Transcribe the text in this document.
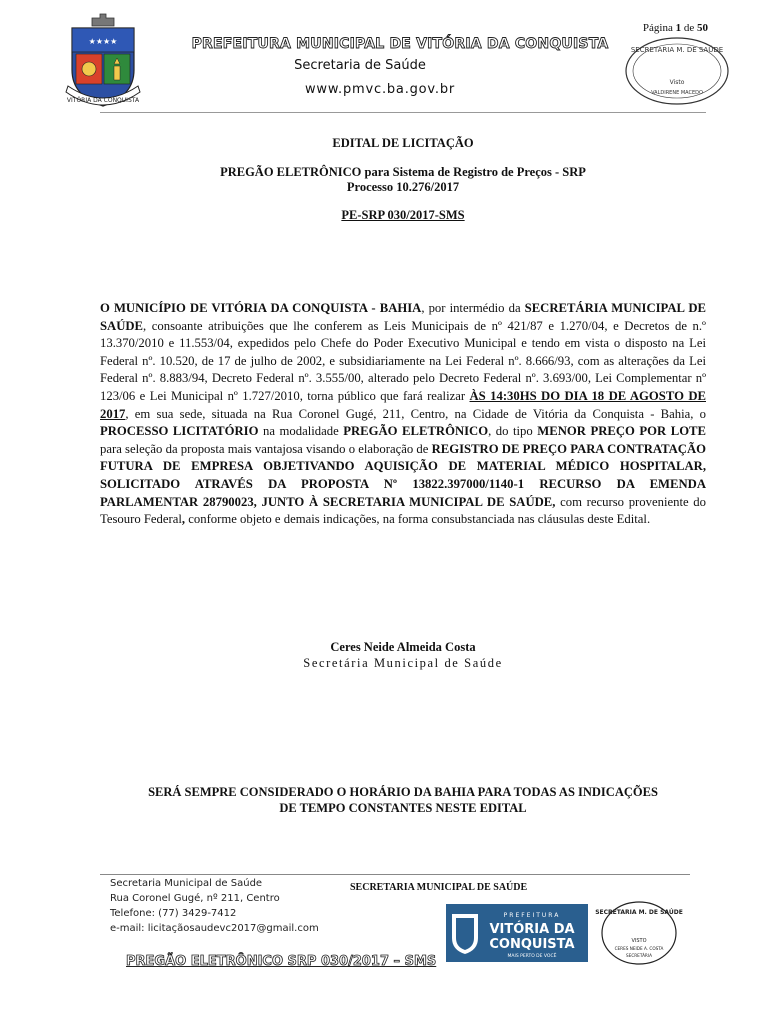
Página 1 de 50
★★★★
VITÓRIA DA CONQUISTA
PREFEITURA MUNICIPAL DE VITÓRIA DA CONQUISTA
Secretaria de Saúde
www.pmvc.ba.gov.br
SECRETARIA M. DE SAÚDE
Visto
VALDIRENE MACEDO
EDITAL DE LICITAÇÃO
PREGÃO ELETRÔNICO para Sistema de Registro de Preços - SRP
Processo 10.276/2017
PE-SRP 030/2017-SMS
O MUNICÍPIO DE VITÓRIA DA CONQUISTA - BAHIA, por intermédio da SECRETÁRIA MUNICIPAL DE SAÚDE, consoante atribuições que lhe conferem as Leis Municipais de nº 421/87 e 1.270/04, e Decretos de n.º 13.370/2010 e 11.553/04, expedidos pelo Chefe do Poder Executivo Municipal e tendo em vista o disposto na Lei Federal nº. 10.520, de 17 de julho de 2002, e subsidiariamente na Lei Federal nº. 8.666/93, com as alterações da Lei Federal nº. 8.883/94, Decreto Federal nº. 3.555/00, alterado pelo Decreto Federal nº. 3.693/00, Lei Complementar nº 123/06 e Lei Municipal nº 1.727/2010, torna público que fará realizar ÀS 14:30HS DO DIA 18 DE AGOSTO DE 2017, em sua sede, situada na Rua Coronel Gugé, 211, Centro, na Cidade de Vitória da Conquista - Bahia, o PROCESSO LICITATÓRIO na modalidade PREGÃO ELETRÔNICO, do tipo MENOR PREÇO POR LOTE para seleção da proposta mais vantajosa visando o elaboração de REGISTRO DE PREÇO PARA CONTRATAÇÃO FUTURA DE EMPRESA OBJETIVANDO AQUISIÇÃO DE MATERIAL MÉDICO HOSPITALAR, SOLICITADO ATRAVÉS DA PROPOSTA Nº 13822.397000/1140-1 RECURSO DA EMENDA PARLAMENTAR 28790023, JUNTO À SECRETARIA MUNICIPAL DE SAÚDE, com recurso proveniente do Tesouro Federal, conforme objeto e demais indicações, na forma consubstanciada nas cláusulas deste Edital.
Ceres Neide Almeida Costa
Secretária Municipal de Saúde
SERÁ SEMPRE CONSIDERADO O HORÁRIO DA BAHIA PARA TODAS AS INDICAÇÕES
DE TEMPO CONSTANTES NESTE EDITAL
Secretaria Municipal de Saúde
Rua Coronel Gugé, nº 211, Centro
Telefone: (77) 3429-7412
e-mail: licitaçãosaudevc2017@gmail.com
SECRETARIA MUNICIPAL DE SAÚDE
PREFEITURA
VITÓRIA DA
CONQUISTA
MAIS PERTO DE VOCÊ
SECRETARIA M. DE SAÚDE
VISTO
CERES NEIDE A. COSTA
SECRETÁRIA
PREGÃO ELETRÔNICO SRP 030/2017 – SMS
